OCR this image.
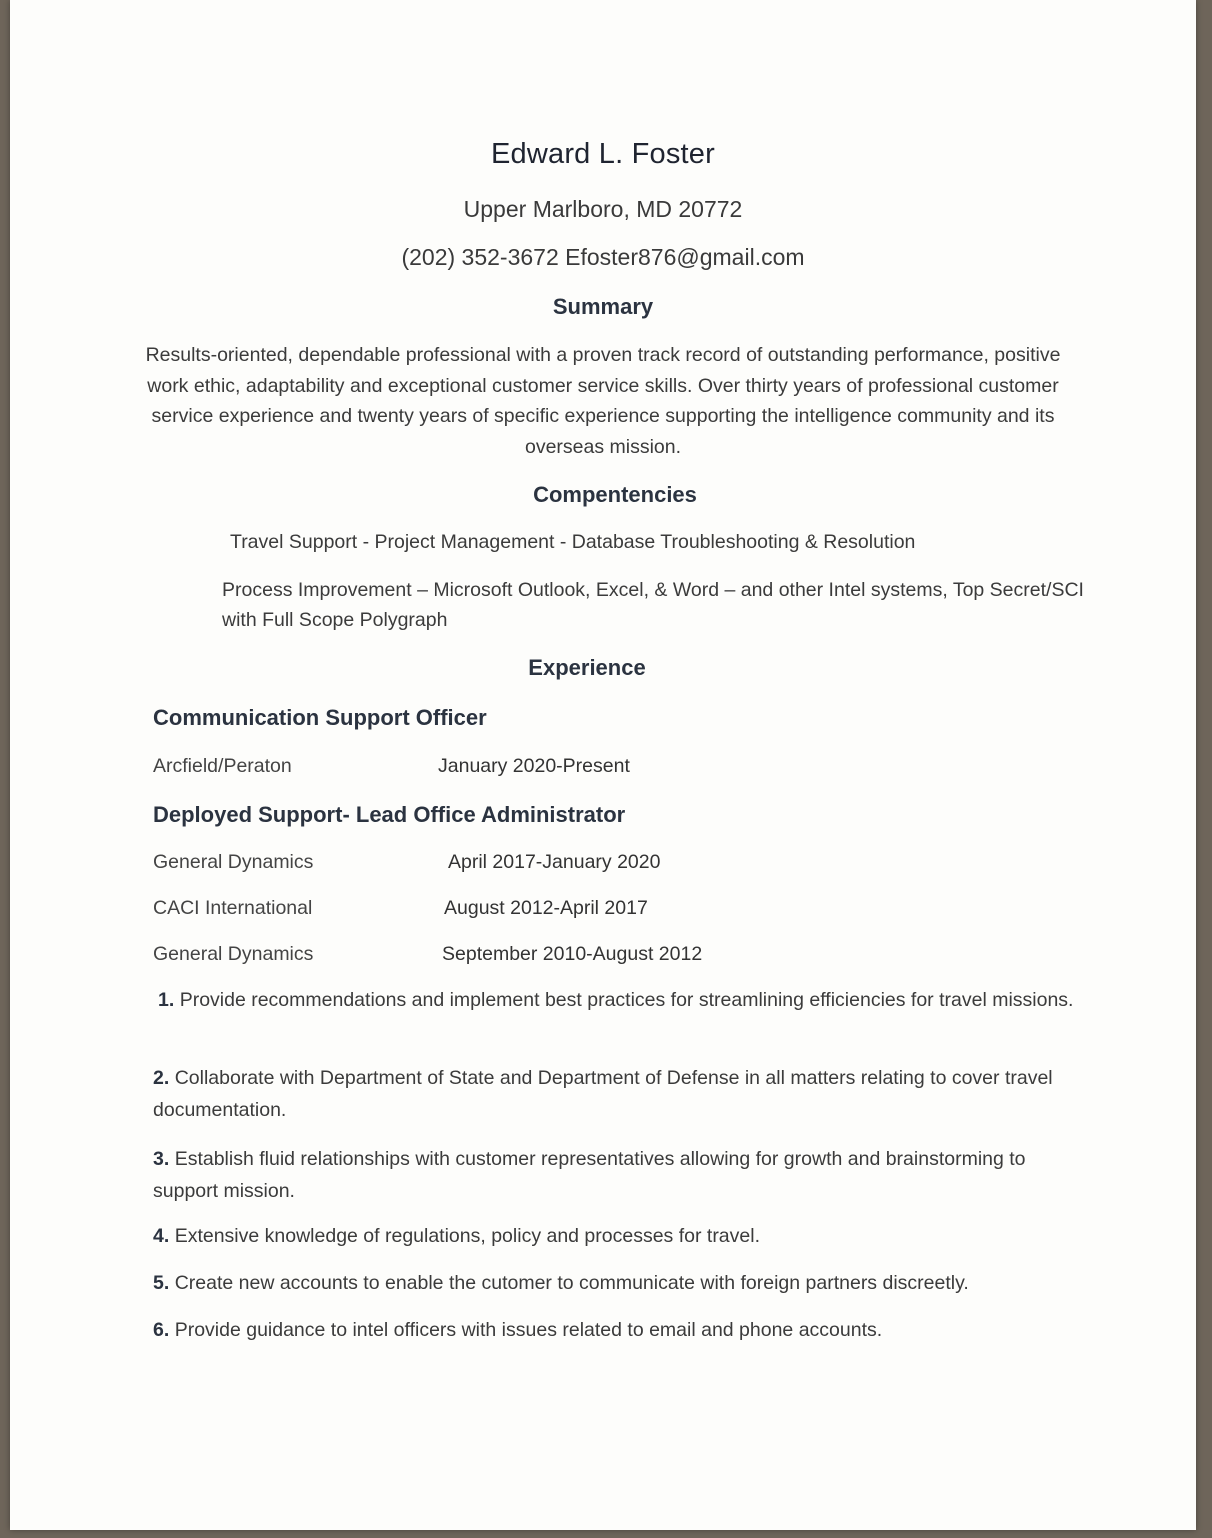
Edward L. Foster
Upper Marlboro, MD 20772
(202) 352-3672 Efoster876@gmail.com
Summary
Results-oriented, dependable professional with a proven track record of outstanding performance, positive work ethic, adaptability and exceptional customer service skills. Over thirty years of professional customer service experience and twenty years of specific experience supporting the intelligence community and its overseas mission.
Compentencies
Travel Support - Project Management - Database Troubleshooting & Resolution
Process Improvement – Microsoft Outlook, Excel, & Word – and other Intel systems, Top Secret/SCI with Full Scope Polygraph
Experience
Communication Support Officer
Arcfield/Peraton	January 2020-Present
Deployed Support- Lead Office Administrator
General Dynamics	April 2017-January 2020
CACI International	August 2012-April 2017
General Dynamics	September 2010-August 2012
1. Provide recommendations and implement best practices for streamlining efficiencies for travel missions.
2. Collaborate with Department of State and Department of Defense in all matters relating to cover travel documentation.
3. Establish fluid relationships with customer representatives allowing for growth and brainstorming to support mission.
4. Extensive knowledge of regulations, policy and processes for travel.
5. Create new accounts to enable the cutomer to communicate with foreign partners discreetly.
6. Provide guidance to intel officers with issues related to email and phone accounts.
